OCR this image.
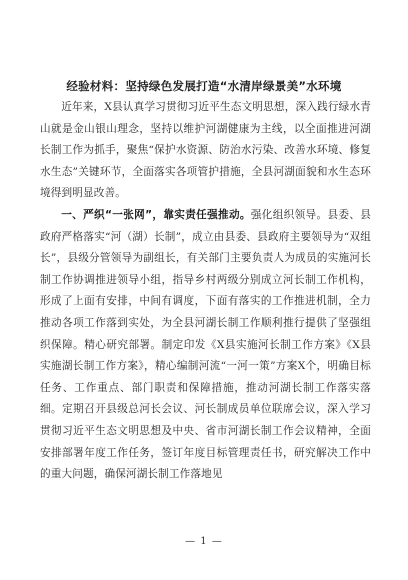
经验材料：坚持绿色发展打造“水清岸绿景美”水环境

近年来，X县认真学习贯彻习近平生态文明思想，深入践行绿水青山就是金山银山理念，坚持以维护河湖健康为主线，以全面推进河湖长制工作为抓手，聚焦“保护水资源、防治水污染、改善水环境、修复水生态”关键环节，全面落实各项管护措施，全县河湖面貌和水生态环境得到明显改善。

一、严织“一张网”，靠实责任强推动。强化组织领导。县委、县政府严格落实“河（湖）长制”，成立由县委、县政府主要领导为“双组长”，县级分管领导为副组长，有关部门主要负责人为成员的实施河长制工作协调推进领导小组，指导乡村两级分别成立河长制工作机构，形成了上面有安排，中间有调度，下面有落实的工作推进机制，全力推动各项工作落到实处，为全县河湖长制工作顺利推行提供了坚强组织保障。精心研究部署。制定印发《X县实施河长制工作方案》《X县实施湖长制工作方案》，精心编制河流“一河一策”方案X个，明确目标任务、工作重点、部门职责和保障措施，推动河湖长制工作落实落细。定期召开县级总河长会议、河长制成员单位联席会议，深入学习贯彻习近平生态文明思想及中央、省市河湖长制工作会议精神，全面安排部署年度工作任务，签订年度目标管理责任书，研究解决工作中的重大问题，确保河湖长制工作落地见

— 1 —
